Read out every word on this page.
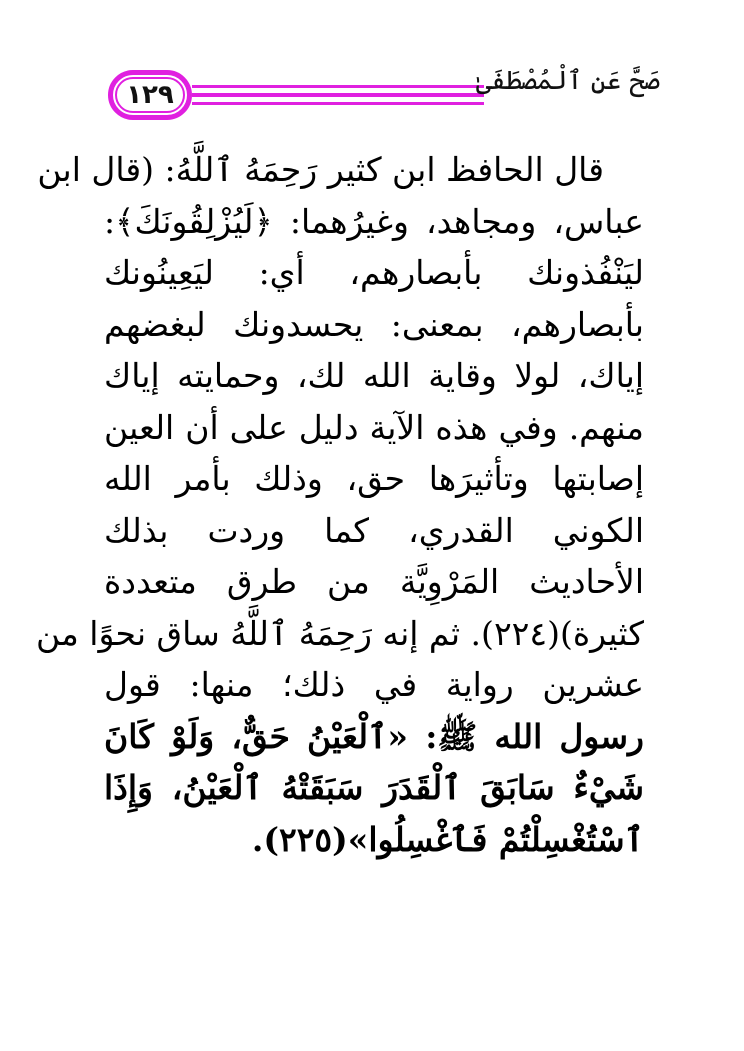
١٢٩	صَحَّ عَنِ ٱلْمُصْطَفَىٰ
قال الحافظ ابن كثير رَحِمَهُ ٱللَّهُ: (قال ابن
عباس، ومجاهد، وغيرُهما: ﴿لَيُزْلِقُونَكَ﴾:
ليَنْفُذونك بأبصارهم، أي: ليَعِينُونك
بأبصارهم، بمعنى: يحسدونك لبغضهم
إياك، لولا وقاية الله لك، وحمايته إياك
منهم. وفي هذه الآية دليل على أن العين
إصابتها وتأثيرَها حق، وذلك بأمر الله
الكوني القدري، كما وردت بذلك
الأحاديث المَرْوِيَّة من طرق متعددة
كثيرة)(٢٢٤). ثم إنه رَحِمَهُ ٱللَّهُ ساق نحوًا من
عشرين رواية في ذلك؛ منها: قول
رسول الله ﷺ: «ٱلْعَيْنُ حَقٌّ، وَلَوْ كَانَ
شَيْءٌ سَابَقَ ٱلْقَدَرَ سَبَقَتْهُ ٱلْعَيْنُ، وَإِذَا
ٱسْتُغْسِلْتُمْ فَٱغْسِلُوا»(٢٢٥).
